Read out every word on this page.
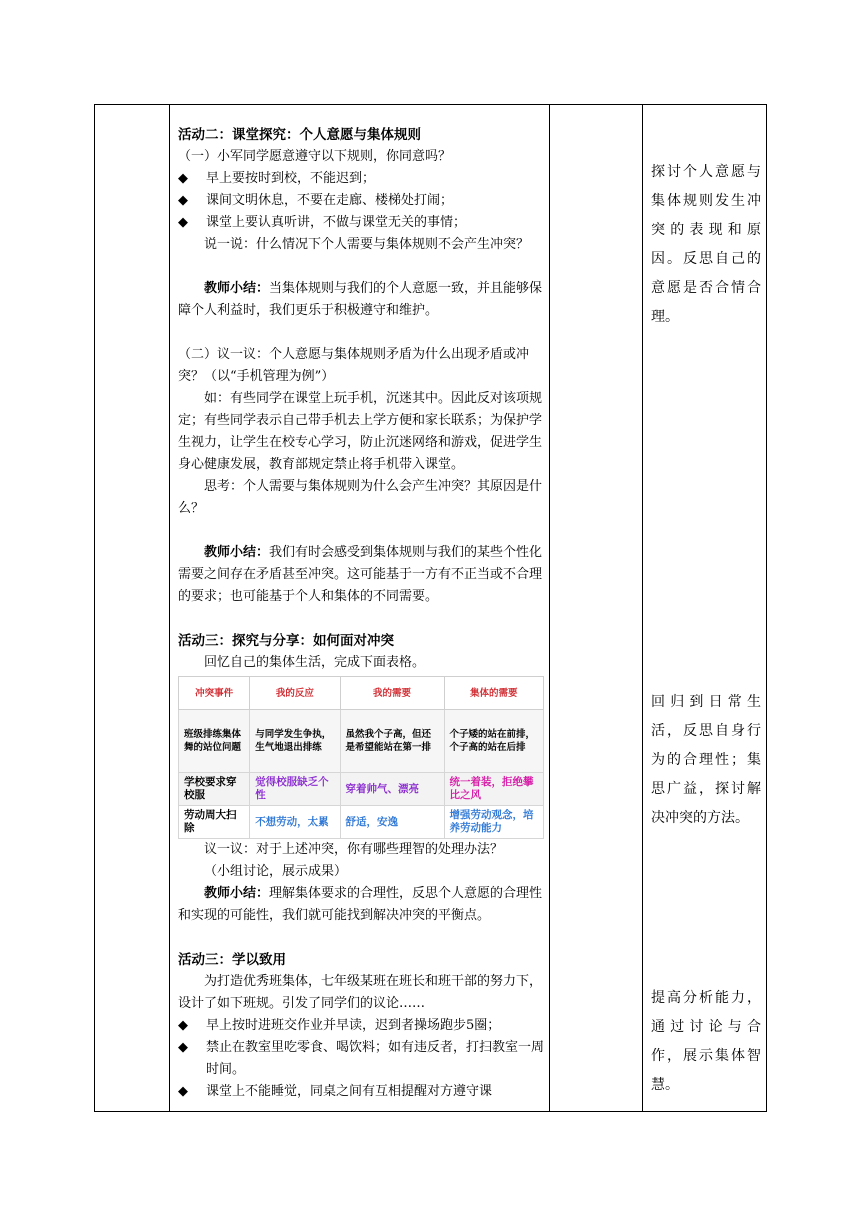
活动二：课堂探究：个人意愿与集体规则

（一）小军同学愿意遵守以下规则，你同意吗？

◆	早上要按时到校，不能迟到；
◆	课间文明休息，不要在走廊、楼梯处打闹；
◆	课堂上要认真听讲，不做与课堂无关的事情；

说一说：什么情况下个人需要与集体规则不会产生冲突？

教师小结：当集体规则与我们的个人意愿一致，并且能够保障个人利益时，我们更乐于积极遵守和维护。

（二）议一议：个人意愿与集体规则矛盾为什么出现矛盾或冲突？（以“手机管理为例”）

如：有些同学在课堂上玩手机，沉迷其中。因此反对该项规定；有些同学表示自己带手机去上学方便和家长联系；为保护学生视力，让学生在校专心学习，防止沉迷网络和游戏，促进学生身心健康发展，教育部规定禁止将手机带入课堂。

思考：个人需要与集体规则为什么会产生冲突？其原因是什么？

教师小结：我们有时会感受到集体规则与我们的某些个性化需要之间存在矛盾甚至冲突。这可能基于一方有不正当或不合理的要求；也可能基于个人和集体的不同需要。

活动三：探究与分享：如何面对冲突

回忆自己的集体生活，完成下面表格。

冲突事件	我的反应	我的需要	集体的需要
班级排练集体舞的站位问题	与同学发生争执，生气地退出排练	虽然我个子高，但还是希望能站在第一排	个子矮的站在前排，个子高的站在后排
学校要求穿校服	觉得校服缺乏个性	穿着帅气、漂亮	统一着装，拒绝攀比之风
劳动周大扫除	不想劳动，太累	舒适，安逸	增强劳动观念，培养劳动能力

议一议：对于上述冲突，你有哪些理智的处理办法？

（小组讨论，展示成果）

教师小结：理解集体要求的合理性，反思个人意愿的合理性和实现的可能性，我们就可能找到解决冲突的平衡点。

活动三：学以致用

为打造优秀班集体，七年级某班在班长和班干部的努力下，设计了如下班规。引发了同学们的议论……

◆	早上按时进班交作业并早读，迟到者操场跑步5圈；
◆	禁止在教室里吃零食、喝饮料；如有违反者，打扫教室一周时间。
◆	课堂上不能睡觉，同桌之间有互相提醒对方遵守课
探讨个人意愿与集体规则发生冲突的表现和原因。反思自己的意愿是否合情合理。
回归到日常生活，反思自身行为的合理性；集思广益，探讨解决冲突的方法。
提高分析能力，通过讨论与合作，展示集体智慧。
